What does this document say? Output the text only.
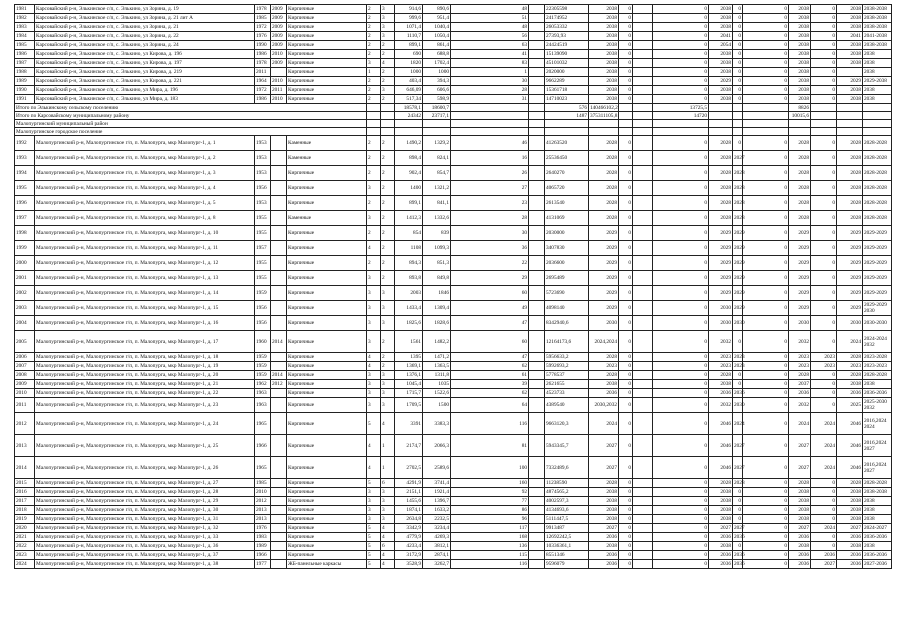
1981	Карсовайский р-н, Элькинское с/п, с. Элькино, ул Зорина, д. 19	1978	2009	Кирпичные	2	3	914,6	890,6	48		22305598	2038	0		0	2038	0	0	2038	0	2038	2038-2038
1982	Карсовайский р-н, Элькинское с/п, с. Элькино, ул Зорина, д. 21 лит А	1985	2009	Кирпичные	2	3	999,6	951,4	51		24174952	2038	0		0	2038	0	0	2038	0	2038	2038-2038
1983	Карсовайский р-н, Элькинское с/п, с. Элькино, ул Зорина, д. 21	1972	2009	Кирпичные	2	3	1071,4	1040,4	48		26053332	2038	0		0	2038	0	0	2038	0	2038	2038-2038
1984	Карсовайский р-н, Элькинское с/п, с. Элькино, ул Зорина, д. 22	1976	2009	Кирпичные	2	3	1110,7	1050,4	56		27393,93	2038	0		0	2041	0	0	2038	0	2041	2041-2038
1985	Карсовайский р-н, Элькинское с/п, с. Элькино, ул Зорина, д. 24	1990	2009	Кирпичные	2	2	899,1	861,4	63		24424519	2038	0		0	2054	0	0	2038	0	2038	2038-2038
1986	Карсовайский р-н, Элькинское с/п, с. Элькино, ул Кирова, д. 196	1986	2010	Кирпичные	2	2	690	688,8	41		15139090	2038	0		0	2038	0	0	2038	0	2038	2038
1987	Карсовайский р-н, Элькинское с/п, с. Элькино, ул Кирова, д. 197	1978	2009	Кирпичные	3	4	1820	1702,4	83		45101032	2038	0		0	2038	0	0	2038	0	2038	2038
1988	Карсовайский р-н, Элькинское с/п, с. Элькино, ул Кирова, д. 219	2011		Кирпичные	1	2	1000	1000	1		2020000	2038	0		0	2038	0	0	2038	0		2038
1989	Карсовайский р-н, Элькинское с/п, с. Элькино, ул Кирова, д. 221	1964	2010	Кирпичные	2	2	403,4	394,3	30		9662289	2038	0		0	2029	0	0	2038	0	2029	2029-2038
1990	Карсовайский р-н, Элькинское с/п, с. Элькино, ул Мира, д. 196	1972	2011	Кирпичные	2	3	646,09	606,6	28		15361718	2038	0		0	2038	0	0	2038	0	2038	2038
1991	Карсовайский р-н, Элькинское с/п, с. Элькино, ул Мира, д. 183	1986	2010	Кирпичные	2	2	517,34	598,9	31		14710023	2038	0		0	2038	0	0	2038	0	2038	2038
Итого по Элькинскому сельскому поселению							18578,1	18600,7			576	140466102,2			13725,5				8826			
Итого по Карсовайскому муниципальному району							24342	23717,1			1487	375311105,8			14720				10015,6			
Малопургинский муниципальный район																						
Малопургинское городское поселение																						
1992	Малопургинский р-н, Малопургинское г/п, п. Малопурга, мкр Малопург-1, д. 1	1953		Каменные	2	2	1490,2	1329,2	46		41263520	2028	0		0	2028	0	0	2028	0	2028	2028-2028
1993	Малопургинский р-н, Малопургинское г/п, п. Малопурга, мкр Малопург-1, д. 2	1953		Каменные	2	2	898,4	824,1	16		25536450	2028	0		0	2028	2027	0	2028	0	2028	2028-2028
1994	Малопургинский р-н, Малопургинское г/п, п. Малопурга, мкр Малопург-1, д. 3	1953		Кирпичные	2	2	902,4	854,7	26		2640270	2028	0		0	2028	2028	0	2028	0	2028	2028-2028
1995	Малопургинский р-н, Малопургинское г/п, п. Малопурга, мкр Малопург-1, д. 4	1956		Кирпичные	3	2	1400	1321,2	27		4065720	2028	0		0	2028	2028	0	2028	0	2028	2028-2028
1996	Малопургинский р-н, Малопургинское г/п, п. Малопурга, мкр Малопург-1, д. 5	1953		Кирпичные	2	2	899,1	841,1	23		2613540	2028	0		0	2028	2028	0	2028	0	2028	2028-2028
1997	Малопургинский р-н, Малопургинское г/п, п. Малопурга, мкр Малопург-1, д. 8	1955		Каменные	3	2	1412,3	1332,6	28		4131069	2028	0		0	2028	2028	0	2028	0	2028	2028-2028
1998	Малопургинский р-н, Малопургинское г/п, п. Малопурга, мкр Малопург-1, д. 10	1955		Кирпичные	2	2	854	839	30		2030000	2029	0		0	2029	2029	0	2029	0	2029	2029-2029
1999	Малопургинский р-н, Малопургинское г/п, п. Малопурга, мкр Малопург-1, д. 11	1957		Кирпичные	4	2	1108	1099,3	36		3407830	2029	0		0	2029	2029	0	2029	0	2029	2029-2029
2000	Малопургинский р-н, Малопургинское г/п, п. Малопурга, мкр Малопург-1, д. 12	1955		Кирпичные	2	2	894,3	851,3	22		2036600	2029	0		0	2029	2029	0	2029	0	2029	2029-2029
2001	Малопургинский р-н, Малопургинское г/п, п. Малопурга, мкр Малопург-1, д. 13	1955		Кирпичные	3	2	893,8	849,8	29		2695489	2029	0		0	2029	2029	0	2029	0	2029	2029-2029
2002	Малопургинский р-н, Малопургинское г/п, п. Малопурга, мкр Малопург-1, д. 14	1959		Кирпичные	3	3	2003	1846	60		5723690	2029	0		0	2029	2029	0	2029	0	2029	2029-2029
2003	Малопургинский р-н, Малопургинское г/п, п. Малопурга, мкр Малопург-1, д. 15	1956		Кирпичные	3	3	1433,4	1309,4	49		4098140	2029	0		0	2030	2029	0	2029	0	2029	2029-2029 2030
2004	Малопургинский р-н, Малопургинское г/п, п. Малопурга, мкр Малопург-1, д. 16	1956		Кирпичные	3	3	1825,6	1828,6	47		8342940,6	2030	0		0	2030	2030	0	2030	0	2030	2030-2030
2005	Малопургинский р-н, Малопургинское г/п, п. Малопурга, мкр Малопург-1, д. 17	1960	2014	Кирпичные	3	2	1561	1482,2	60		12164173,6	2024,2024	0		0	2032	0	0	2032	0	2024	2024-2024 2032
2006	Малопургинский р-н, Малопургинское г/п, п. Малопурга, мкр Малопург-1, д. 18	1959		Кирпичные	4	2	1395	1471,2	47		5956633,2	2028	0		0	2023	2023	0	2023	2023	2028	2023-2028
2007	Малопургинский р-н, Малопургинское г/п, п. Малопурга, мкр Малопург-1, д. 19	1959		Кирпичные	4	2	1369,1	1363,5	62		5992693,2	2023	0		0	2023	2023	0	2023	2023	2023	2023-2023
2008	Малопургинский р-н, Малопургинское г/п, п. Малопурга, мкр Малопург-1, д. 20	1959	2014	Кирпичные	3	3	1376,1	1311,8	61		5778537	2028	0		0	2028	0	0	2028	0	2028	2028-2028
2009	Малопургинский р-н, Малопургинское г/п, п. Малопурга, мкр Малопург-1, д. 21	1962	2012	Кирпичные	3	3	1045,4	1035	39		2621655	2038	0		0	2038	0	0	2037	0	2038	2038
2010	Малопургинский р-н, Малопургинское г/п, п. Малопурга, мкр Малопург-1, д. 22	1963		Кирпичные	3	3	1715,7	1522,6	62		4523733	2036	0		0	2036	2036	0	2036	0	2036	2036-2036
2011	Малопургинский р-н, Малопургинское г/п, п. Малопурга, мкр Малопург-1, д. 23	1963		Кирпичные	3	3	1709,5	1500	64		4389540	2030,2032	0		0	2032	2030	0	2032	0	2025	2025-2030 2032
2012	Малопургинский р-н, Малопургинское г/п, п. Малопурга, мкр Малопург-1, д. 24	1965		Кирпичные	5	4	3391	3383,3	116		9663120,3	2024	0		0	2046	2024	0	2024	2024	2046	2016,2024 2024
2013	Малопургинский р-н, Малопургинское г/п, п. Малопурга, мкр Малопург-1, д. 25	1966		Кирпичные	4	1	2174,7	2066,3	81		5943345,7	2027	0		0	2046	2027	0	2027	2024	2046	2016,2024 2027
2014	Малопургинский р-н, Малопургинское г/п, п. Малопурга, мкр Малопург-1, д. 26	1965		Кирпичные	4	1	2702,5	2589,6	100		7332489,6	2027	0		0	2046	2027	0	2027	2024	2046	2016,2024 2027
2015	Малопургинский р-н, Малопургинское г/п, п. Малопурга, мкр Малопург-1, д. 27	1985		Кирпичные	5	6	4291,9	3741,4	160		11238590	2028	0		0	2028	2028	0	2028	0	2028	2028-2028
2016	Малопургинский р-н, Малопургинское г/п, п. Малопурга, мкр Малопург-1, д. 28	2010		Кирпичные	3	3	2151,1	1921,4	92		4874565,2	2038	0		0	2038	0	0	2038	0	2038	2038-2038
2017	Малопургинский р-н, Малопургинское г/п, п. Малопурга, мкр Малопург-1, д. 29	2012		Кирпичные	3	3	1455,6	1396,7	77		4002597,3	2038	0		0	2038	0	0	2038	0	2038	2038
2018	Малопургинский р-н, Малопургинское г/п, п. Малопурга, мкр Малопург-1, д. 30	2013		Кирпичные	3	3	1874,1	1633,2	86		4134693,6	2038	0		0	2038	0	0	2038	0	2038	2038
2019	Малопургинский р-н, Малопургинское г/п, п. Малопурга, мкр Малопург-1, д. 31	2013		Кирпичные	3	3	2634,8	2232,5	96		5111447,5	2038	0		0	2038	0	0	2038	0	2038	2038
2020	Малопургинский р-н, Малопургинское г/п, п. Малопурга, мкр Малопург-1, д. 32	1976		Кирпичные	5	4	3342,9	3234,4	117		9913487	2027	0		0	2027	2027	0	2027	2024	2027	2024-2027
2021	Малопургинский р-н, Малопургинское г/п, п. Малопурга, мкр Малопург-1, д. 33	1983		Кирпичные	5	4	4779,9	4269,3	168		12692242,5	2036	0		0	2036	2036	0	2036	0	2036	2036-2036
2022	Малопургинский р-н, Малопургинское г/п, п. Малопурга, мкр Малопург-1, д. 36	1989		Кирпичные	5	6	4233,4	3812,1	136		10336361,1	2038	0		0	2038	0	0	2038	0	2038	2038
2023	Малопургинский р-н, Малопургинское г/п, п. Малопурга, мкр Малопург-1, д. 37	1966		Кирпичные	5	4	3172,9	2874,1	115		8551346	2036	0		0	2036	2036	0	2036	2036	2036	2036-2036
2024	Малопургинский р-н, Малопургинское г/п, п. Малопурга, мкр Малопург-1, д. 38	1977		ЖБ-панельные каркасы	5	4	3528,9	3262,7	116		9596079	2036	0		0	2036	2036	0	2036	2027	2036	2027-2036
